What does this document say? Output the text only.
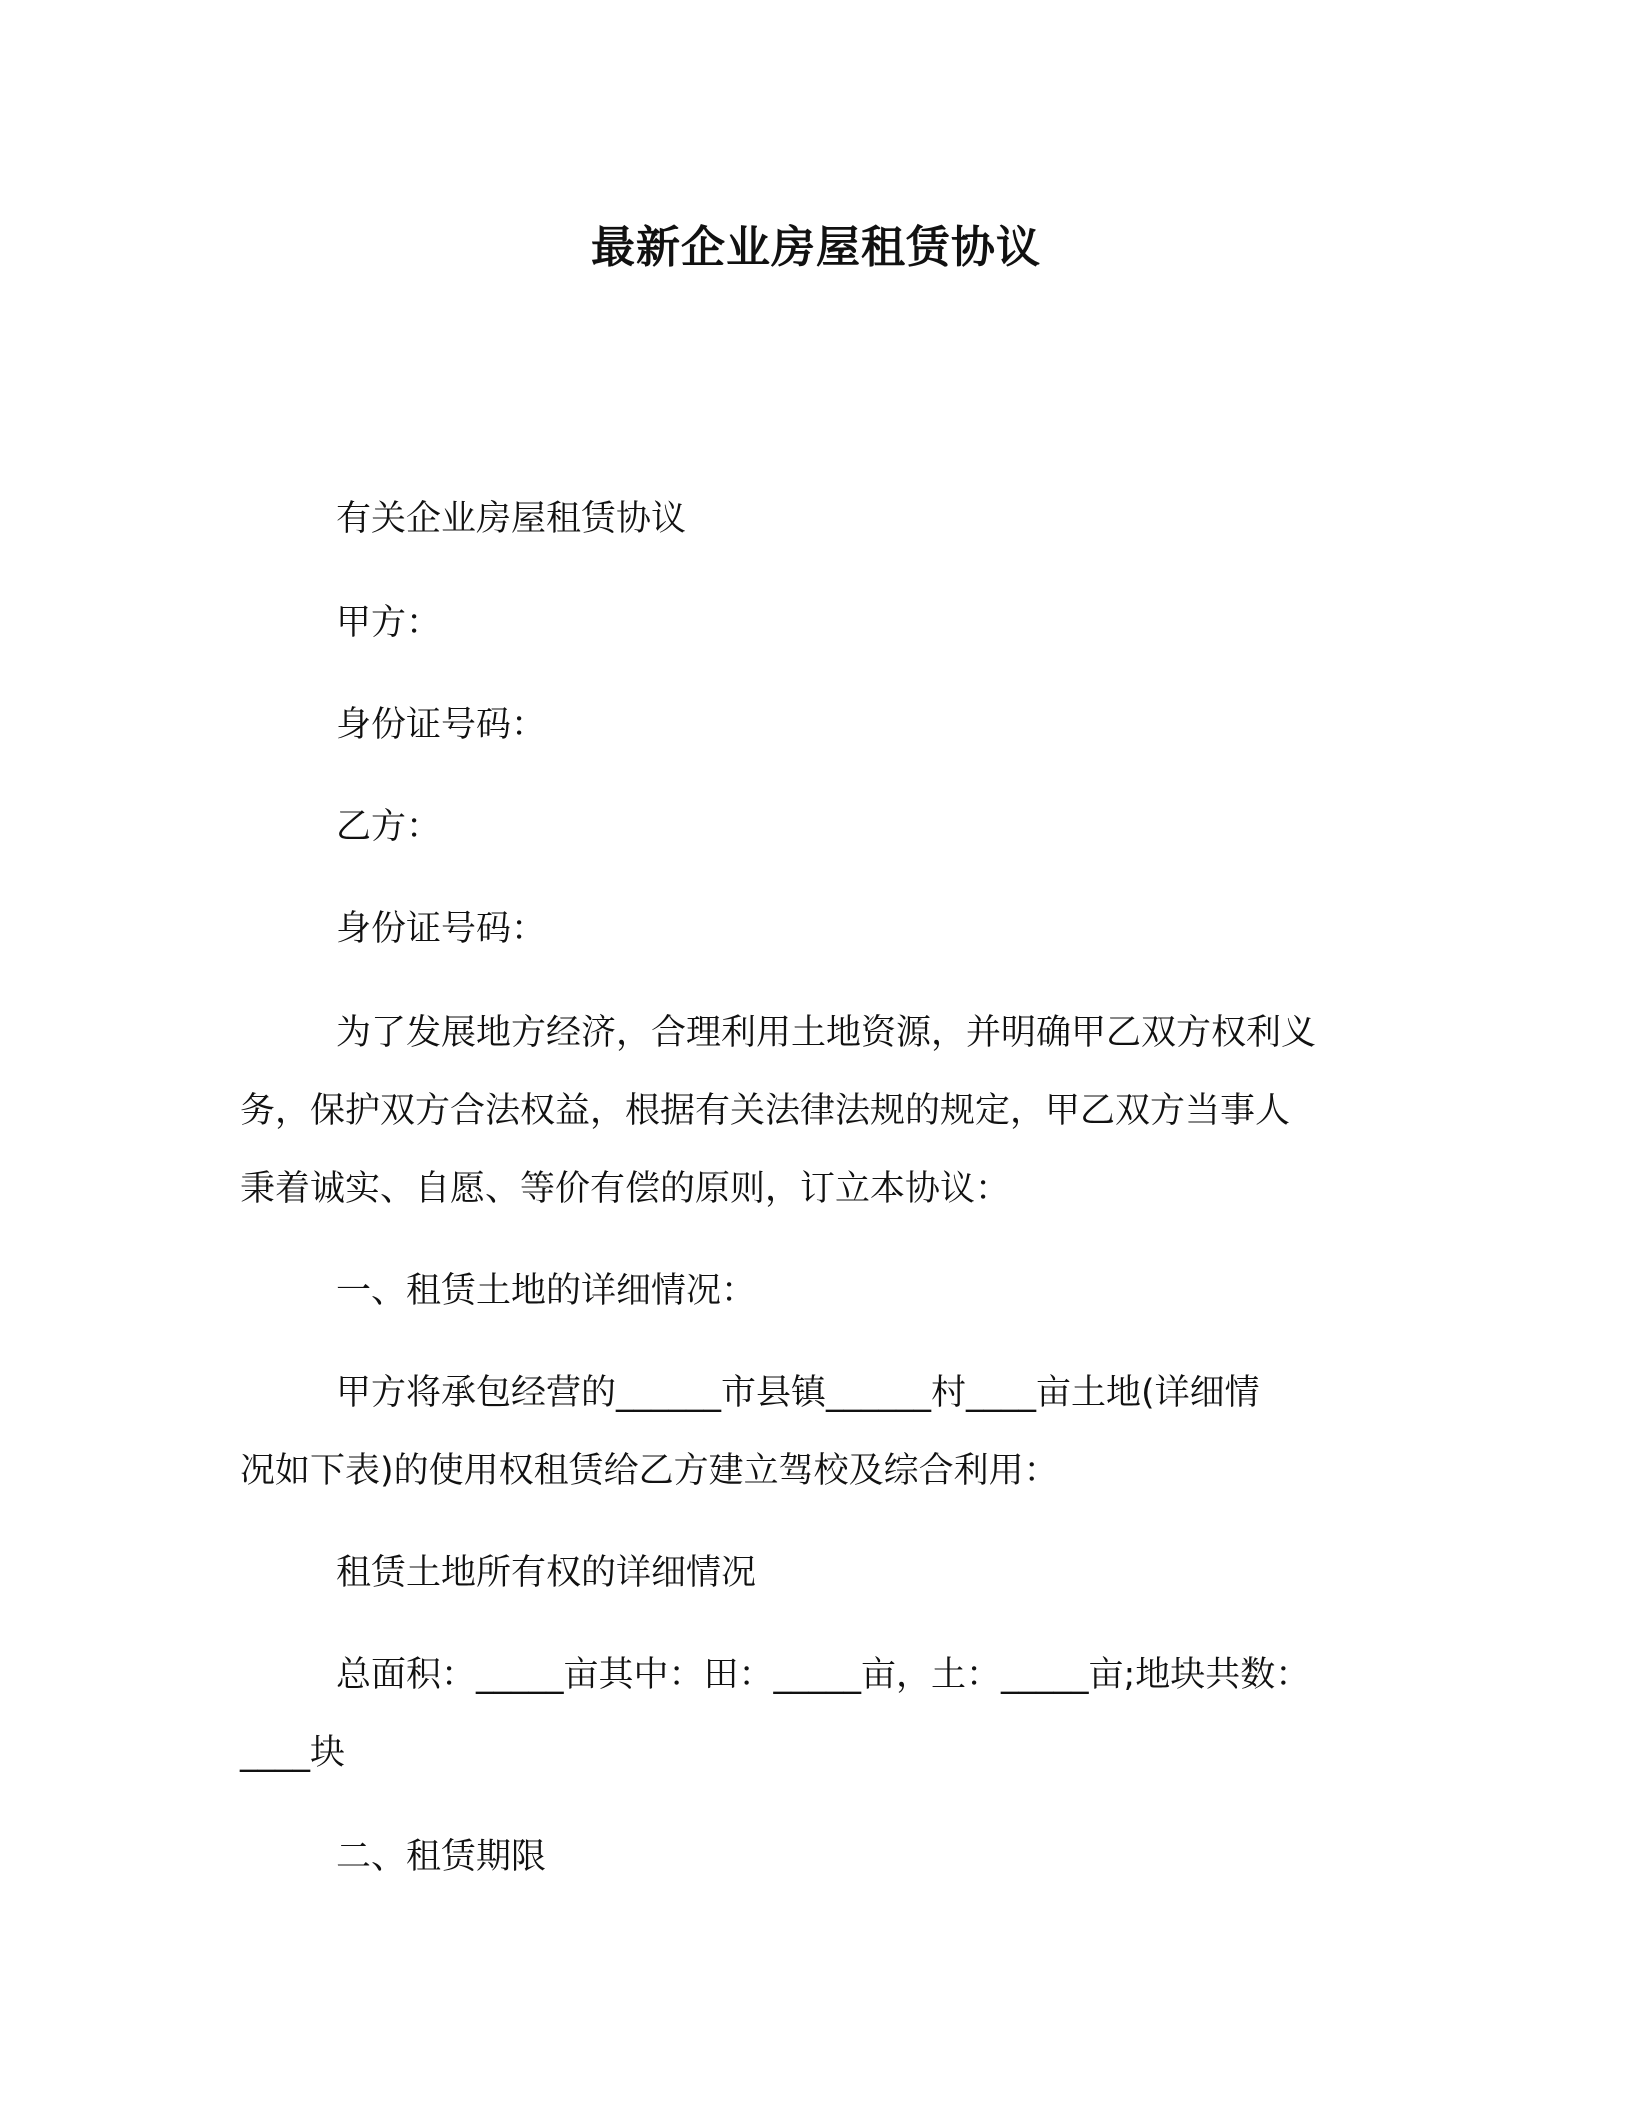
最新企业房屋租赁协议
有关企业房屋租赁协议
甲方：
身份证号码：
乙方：
身份证号码：
为了发展地方经济，合理利用土地资源，并明确甲乙双方权利义
务，保护双方合法权益，根据有关法律法规的规定，甲乙双方当事人
秉着诚实、自愿、等价有偿的原则，订立本协议：
一、租赁土地的详细情况：
甲方将承包经营的______市县镇______村____亩土地(详细情
况如下表)的使用权租赁给乙方建立驾校及综合利用：
租赁土地所有权的详细情况
总面积：_____亩其中：田：_____亩，土：_____亩;地块共数：
____块
二、租赁期限
